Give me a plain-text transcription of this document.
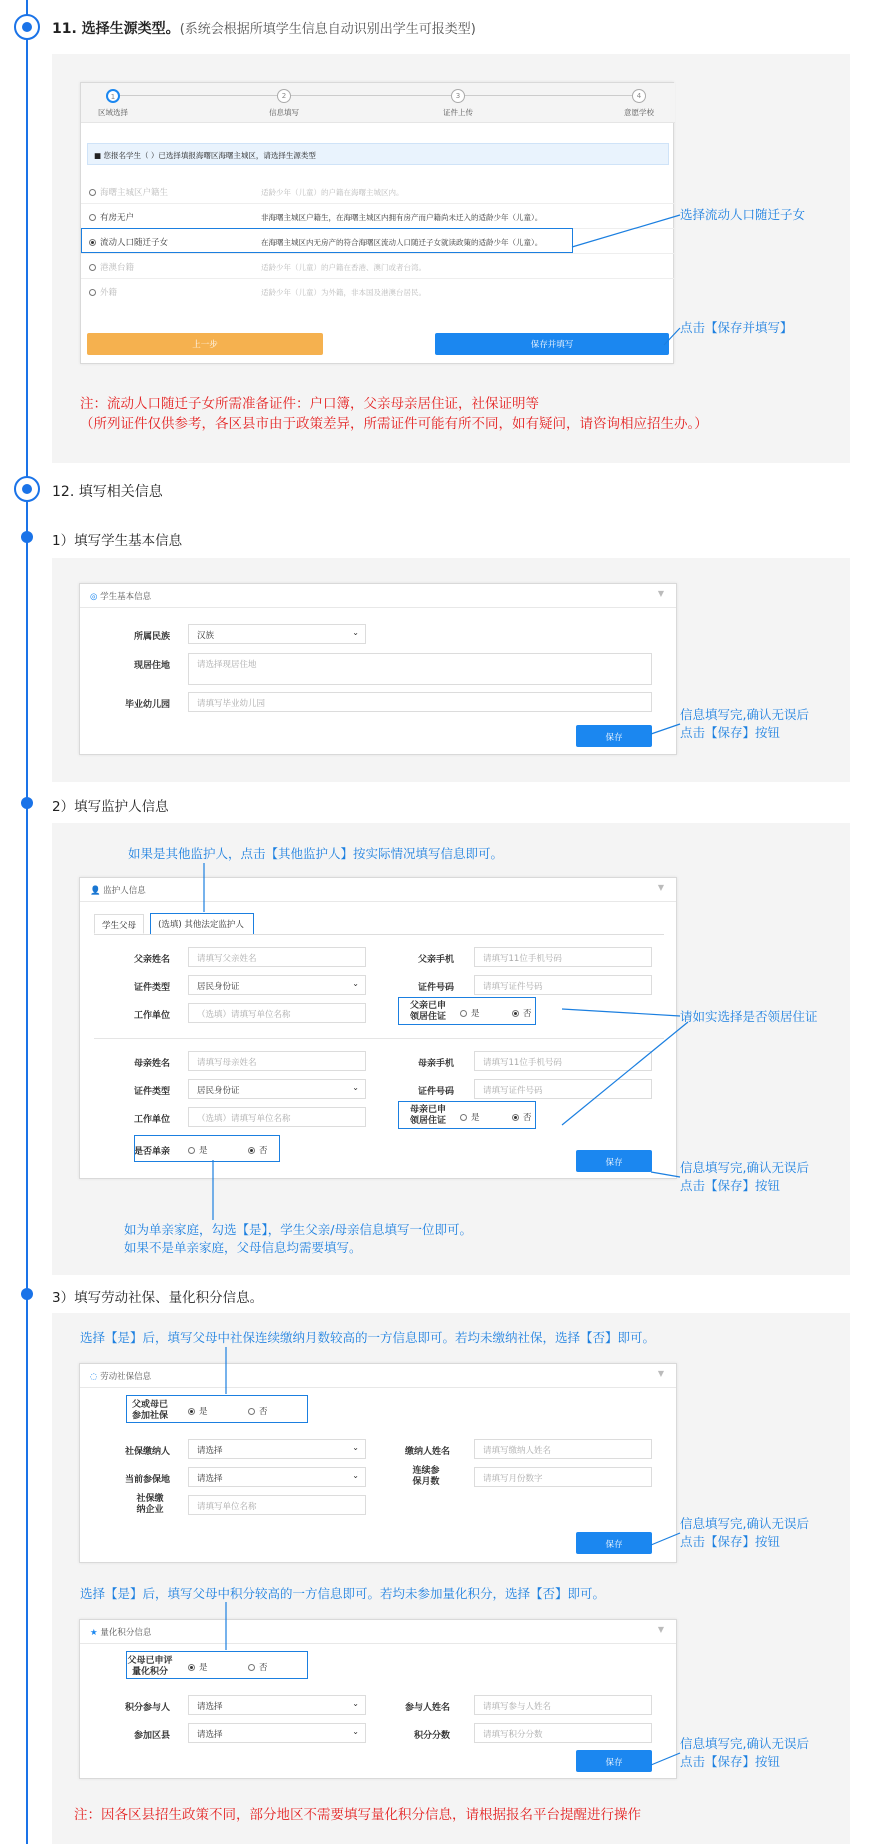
11. 选择生源类型。(系统会根据所填学生信息自动识别出学生可报类型)
1
区域选择
2
信息填写
3
证件上传
4
意愿学校
■ 您报名学生（ ）已选择填报海曙区海曙主城区，请选择生源类型
海曙主城区户籍生	适龄少年（儿童）的户籍在海曙主城区内。
有房无户	非海曙主城区户籍生，在海曙主城区内拥有房产而户籍尚未迁入的适龄少年（儿童）。
流动人口随迁子女	在海曙主城区内无房产的符合海曙区流动人口随迁子女就读政策的适龄少年（儿童）。
港澳台籍	适龄少年（儿童）的户籍在香港、澳门或者台湾。
外籍	适龄少年（儿童）为外籍，非本国及港澳台居民。
上一步	保存并填写
注：流动人口随迁子女所需准备证件：户口簿，父亲母亲居住证，社保证明等
（所列证件仅供参考，各区县市由于政策差异，所需证件可能有所不同，如有疑问，请咨询相应招生办。）
选择流动人口随迁子女
点击【保存并填写】
12. 填写相关信息
1）填写学生基本信息
◎ 学生基本信息	▼
所属民族	汉族	⌄
现居住地	请选择现居住地
毕业幼儿园	请填写毕业幼儿园
保存
信息填写完,确认无误后
点击【保存】按钮
2）填写监护人信息
如果是其他监护人，点击【其他监护人】按实际情况填写信息即可。
👤 监护人信息	▼
学生父母	(选填) 其他法定监护人
父亲姓名	请填写父亲姓名	父亲手机	请填写11位手机号码
证件类型	居民身份证	⌄	证件号码	请填写证件号码
工作单位	（选填）请填写单位名称
父亲已申
领居住证	是	否
母亲姓名	请填写母亲姓名	母亲手机	请填写11位手机号码
证件类型	居民身份证	⌄	证件号码	请填写证件号码
工作单位	（选填）请填写单位名称
母亲已申
领居住证	是	否
是否单亲	是	否
保存
如为单亲家庭，勾选【是】，学生父亲/母亲信息填写一位即可。
如果不是单亲家庭，父母信息均需要填写。
请如实选择是否领居住证
信息填写完,确认无误后
点击【保存】按钮
3）填写劳动社保、量化积分信息。
选择【是】后，填写父母中社保连续缴纳月数较高的一方信息即可。若均未缴纳社保，选择【否】即可。
◌ 劳动社保信息	▼
父或母已
参加社保	是	否
社保缴纳人	请选择	⌄	缴纳人姓名	请填写缴纳人姓名
当前参保地	请选择	⌄	连续参
保月数	请填写月份数字
社保缴
纳企业	请填写单位名称
保存
选择【是】后，填写父母中积分较高的一方信息即可。若均未参加量化积分，选择【否】即可。
★ 量化积分信息	▼
父母已申评
量化积分	是	否
积分参与人	请选择	⌄	参与人姓名	请填写参与人姓名
参加区县	请选择	⌄	积分分数	请填写积分分数
保存
注：因各区县招生政策不同，部分地区不需要填写量化积分信息，请根据报名平台提醒进行操作
信息填写完,确认无误后
点击【保存】按钮
信息填写完,确认无误后
点击【保存】按钮
